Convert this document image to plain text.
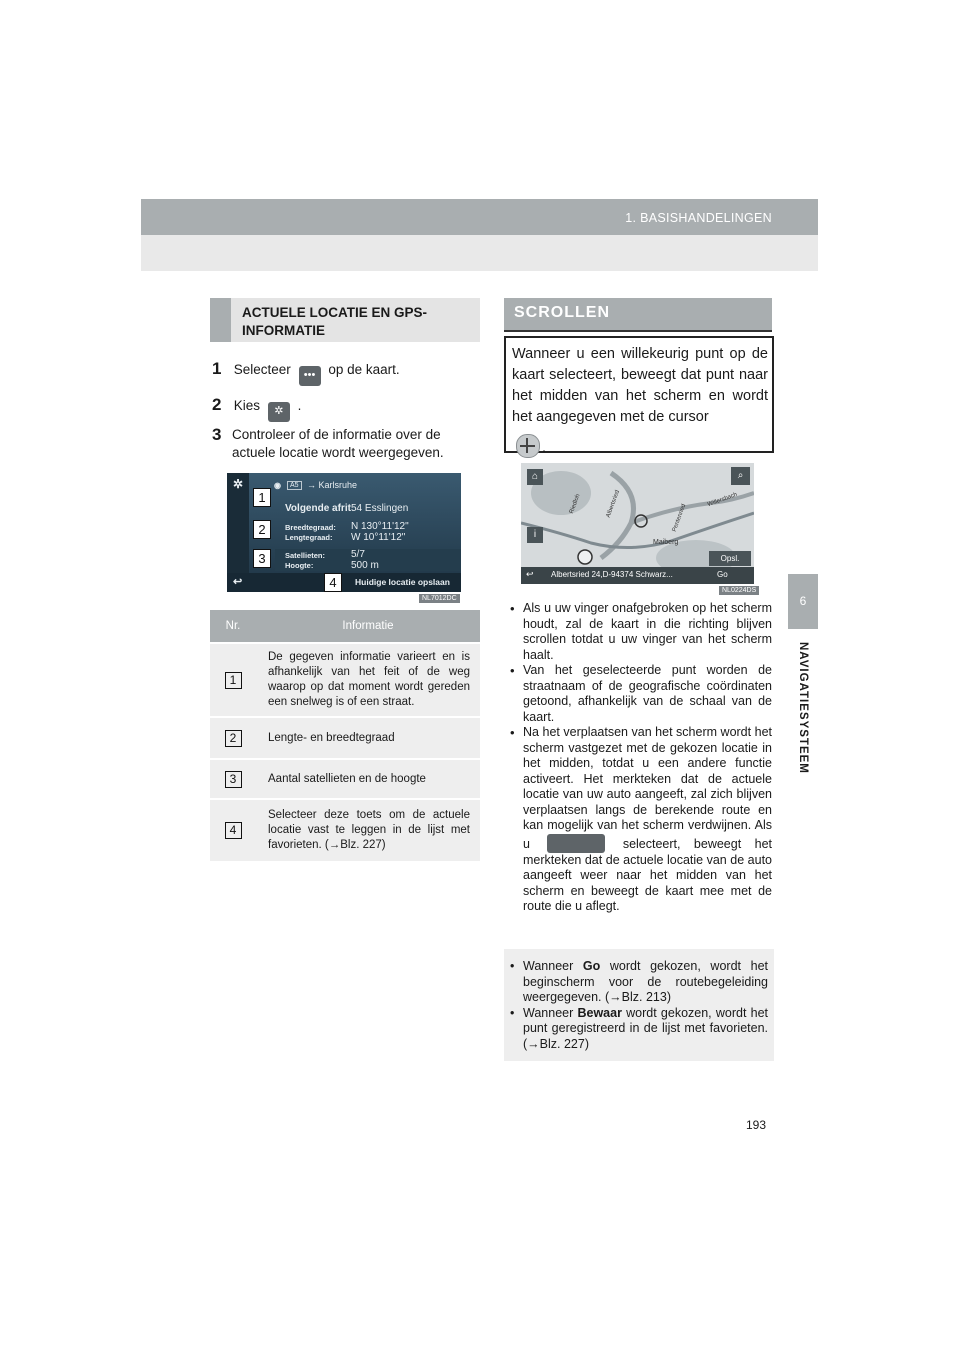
1. BASISHANDELINGEN
6
NAVIGATIESYSTEEM
ACTUELE LOCATIE EN GPS-INFORMATIE
1 Selecteer ••• op de kaart.
2 Kies ✲ .
3 Controleer of de informatie over de actuele locatie wordt weergegeven.
✲	◉	A5 → Karlsruhe
Volgende afrit 54 Esslingen
Breedtegraad:
Lengtegraad:
N 130°11'12"
W 10°11'12"
Satellieten:
Hoogte:
5/7
500 m
↩	Huidige locatie opslaan
1
2
3
4
NL7012DC
Nr.	Informatie
1	De gegeven informatie varieert en is afhankelijk van het feit of de weg waarop op dat moment wordt gereden een snelweg is of een straat.
2	Lengte- en breedtegraad
3	Aantal satellieten en de hoogte
4	Selecteer deze toets om de actuele locatie vast te leggen in de lijst met favorieten. (→Blz. 227)
SCROLLEN
Wanneer u een willekeurig punt op de kaart selecteert, beweegt dat punt naar het midden van het scherm en wordt het aangegeven met de cursor
.
Riedloh	Albertsried
Maiberg
Pentenried
Willersbach
⌂
i
⌕
Opsl.
↩ Albertsried 24,D-94374 Schwarz...	Go
NL0224DS
• Als u uw vinger onafgebroken op het scherm houdt, zal de kaart in die richting blijven scrollen totdat u uw vinger van het scherm haalt.
• Van het geselecteerde punt worden de straatnaam of de geografische coördinaten getoond, afhankelijk van de schaal van de kaart.
• Na het verplaatsen van het scherm wordt het scherm vastgezet met de gekozen locatie in het midden, totdat u een andere functie activeert. Het merkteken dat de actuele locatie van uw auto aangeeft, zal zich blijven verplaatsen langs de berekende route en kan mogelijk van het scherm verdwijnen. Als u	selecteert, beweegt het merkteken dat de actuele locatie van de auto aangeeft weer naar het midden van het scherm en beweegt de kaart mee met de route die u aflegt.
• Wanneer Go wordt gekozen, wordt het beginscherm voor de routebegeleiding weergegeven. (→Blz. 213)
• Wanneer Bewaar wordt gekozen, wordt het punt geregistreerd in de lijst met favorieten. (→Blz. 227)
193
